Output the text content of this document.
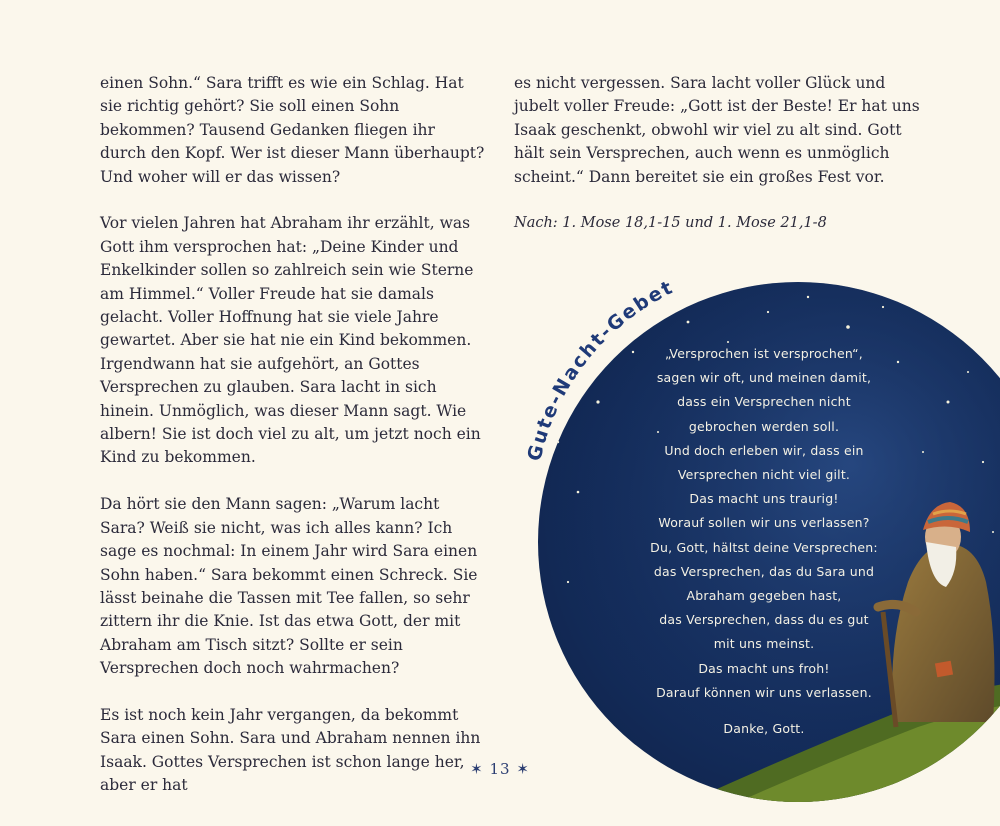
einen Sohn.“ Sara trifft es wie ein Schlag. Hat sie richtig gehört? Sie soll einen Sohn bekommen? Tausend Gedanken fliegen ihr durch den Kopf. Wer ist dieser Mann überhaupt? Und woher will er das wissen?

Vor vielen Jahren hat Abraham ihr erzählt, was Gott ihm versprochen hat: „Deine Kinder und Enkelkinder sollen so zahlreich sein wie Sterne am Himmel.“ Voller Freude hat sie damals gelacht. Voller Hoffnung hat sie viele Jahre gewartet. Aber sie hat nie ein Kind bekommen. Irgendwann hat sie aufgehört, an Gottes Versprechen zu glauben. Sara lacht in sich hinein. Unmöglich, was dieser Mann sagt. Wie albern! Sie ist doch viel zu alt, um jetzt noch ein Kind zu bekommen.

Da hört sie den Mann sagen: „Warum lacht Sara? Weiß sie nicht, was ich alles kann? Ich sage es nochmal: In einem Jahr wird Sara einen Sohn haben.“ Sara bekommt einen Schreck. Sie lässt beinahe die Tassen mit Tee fallen, so sehr zittern ihr die Knie. Ist das etwa Gott, der mit Abraham am Tisch sitzt? Sollte er sein Versprechen doch noch wahrmachen?

Es ist noch kein Jahr vergangen, da bekommt Sara einen Sohn. Sara und Abraham nennen ihn Isaak. Gottes Versprechen ist schon lange her, aber er hat

es nicht vergessen. Sara lacht voller Glück und jubelt voller Freude: „Gott ist der Beste! Er hat uns Isaak geschenkt, obwohl wir viel zu alt sind. Gott hält sein Versprechen, auch wenn es unmöglich scheint.“ Dann bereitet sie ein großes Fest vor.

Nach: 1. Mose 18,1-15 und 1. Mose 21,1-8
Gute-Nacht-Gebet
„Versprochen ist versprochen“,
sagen wir oft, und meinen damit,
dass ein Versprechen nicht
gebrochen werden soll.
Und doch erleben wir, dass ein
Versprechen nicht viel gilt.
Das macht uns traurig!
Worauf sollen wir uns verlassen?
Du, Gott, hältst deine Versprechen:
das Versprechen, das du Sara und
Abraham gegeben hast,
das Versprechen, dass du es gut
mit uns meinst.
Das macht uns froh!
Darauf können wir uns verlassen.
Danke, Gott.
✶ 13 ✶
